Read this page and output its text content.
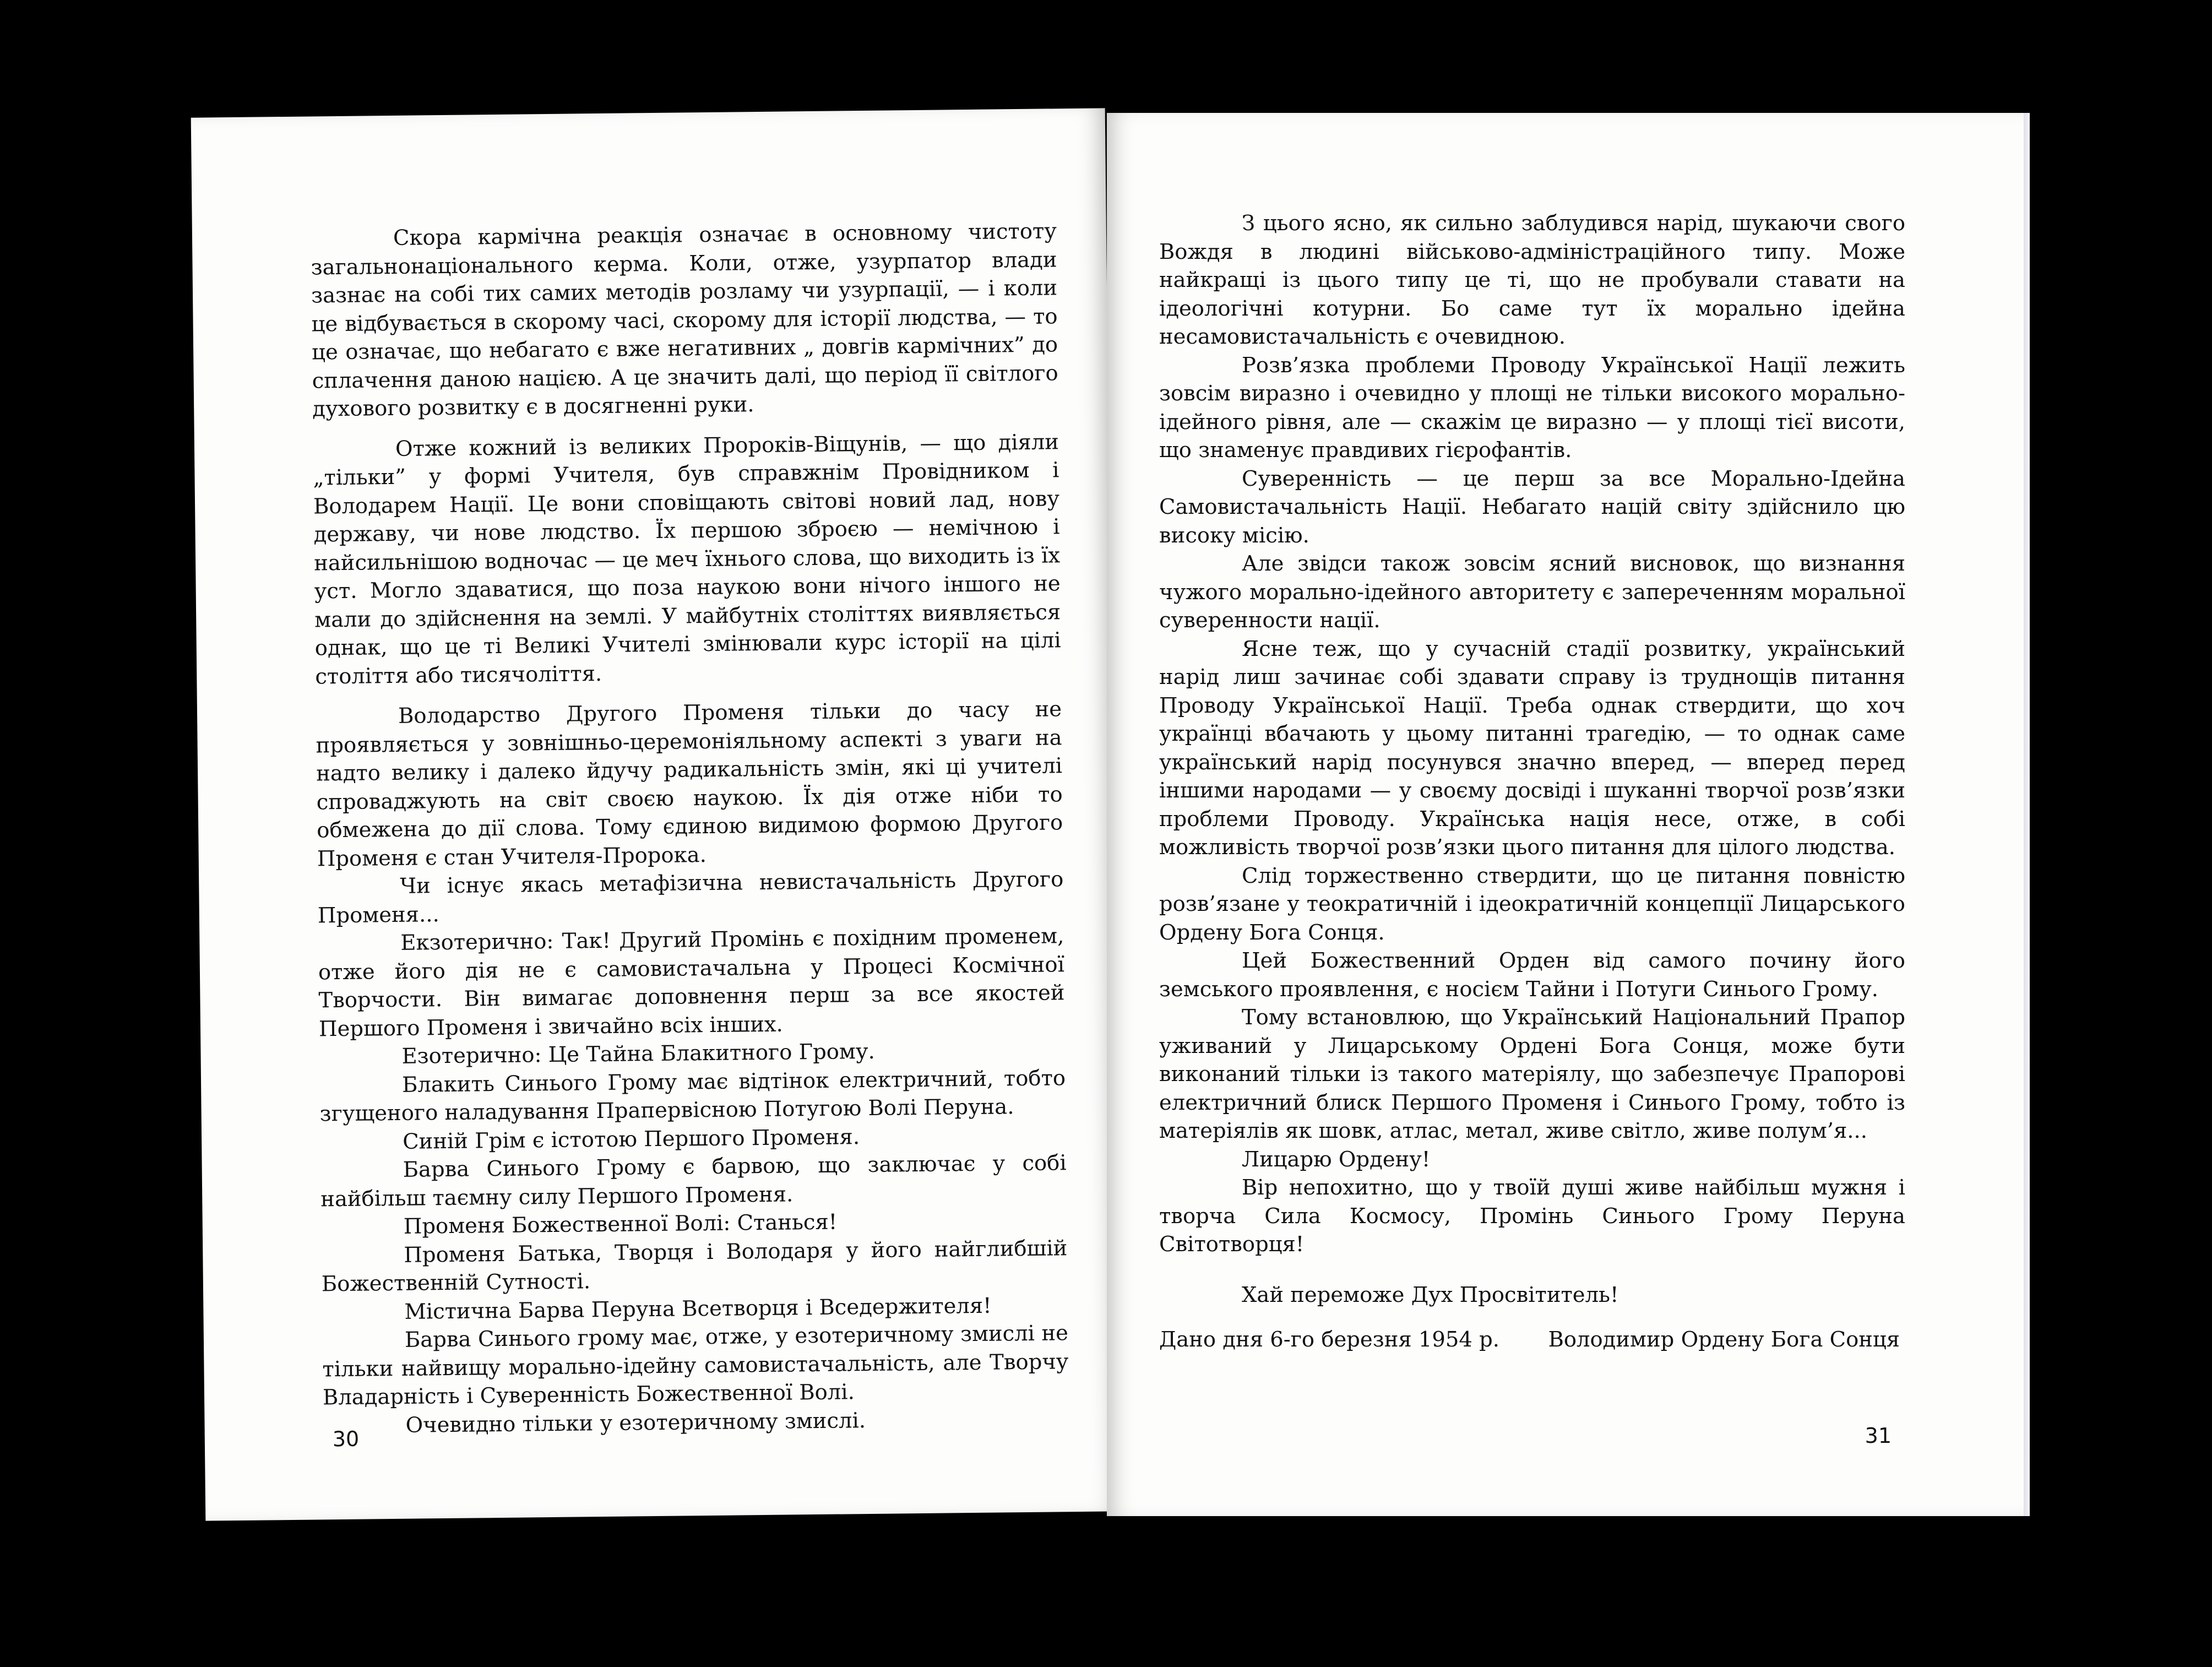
Скора кармічна реакція означає в основному чистоту загальнонаціонального керма. Коли, отже, узурпатор влади зазнає на собі тих самих методів розламу чи узурпації, — і коли це відбувається в скорому часі, скорому для історії людства, — то це означає, що небагато є вже негативних „ довгів кармічних” до сплачення даною нацією. А це значить далі, що період її світлого духового розвитку є в досягненні руки.

Отже кожний із великих Пророків-Віщунів, — що діяли „тільки” у формі Учителя, був справжнім Провідником і Володарем Нації. Це вони сповіщають світові новий лад, нову державу, чи нове людство. Їх першою зброєю — немічною і найсильнішою водночас — це меч їхнього слова, що виходить із їх уст. Могло здаватися, що поза наукою вони нічого іншого не мали до здійснення на землі. У майбутніх століттях виявляється однак, що це ті Великі Учителі змінювали курс історії на цілі століття або тисячоліття.

Володарство Другого Променя тільки до часу не проявляється у зовнішньо-церемоніяльному аспекті з уваги на надто велику і далеко йдучу радикальність змін, які ці учителі спроваджують на світ своєю наукою. Їх дія отже ніби то обмежена до дії слова. Тому єдиною видимою формою Другого Променя є стан Учителя-Пророка.

Чи існує якась метафізична невистачальність Другого Променя...

Екзотерично: Так! Другий Промінь є похідним променем, отже його дія не є самовистачальна у Процесі Космічної Творчости. Він вимагає доповнення перш за все якостей Першого Променя і звичайно всіх інших.

Езотерично: Це Тайна Блакитного Грому.

Блакить Синього Грому має відтінок електричний, тобто згущеного наладування Прапервісною Потугою Волі Перуна.

Синій Грім є істотою Першого Променя.

Барва Синього Грому є барвою, що заключає у собі найбільш таємну силу Першого Променя.

Променя Божественної Волі: Станься!

Променя Батька, Творця і Володаря у його найглибшій Божественній Сутності.

Містична Барва Перуна Всетворця і Вседержителя!

Барва Синього грому має, отже, у езотеричному змислі не тільки найвищу морально-ідейну самовистачальність, але Творчу Владарність і Суверенність Божественної Волі.

Очевидно тільки у езотеричному змислі.

30

З цього ясно, як сильно заблудився нарід, шукаючи свого Вождя в людині військово-адміністраційного типу. Може найкращі із цього типу це ті, що не пробували ставати на ідеологічні котурни. Бо саме тут їх морально ідейна несамовистачальність є очевидною.

Розв’язка проблеми Проводу Української Нації лежить зовсім виразно і очевидно у площі не тільки високого морально-ідейного рівня, але — скажім це виразно — у площі тієї висоти, що знаменує правдивих гієрофантів.

Суверенність — це перш за все Морально-Ідейна Самовистачальність Нації. Небагато націй світу здійснило цю високу місію.

Але звідси також зовсім ясний висновок, що визнання чужого морально-ідейного авторитету є запереченням моральної суверенности нації.

Ясне теж, що у сучасній стадії розвитку, український нарід лиш зачинає собі здавати справу із труднощів питання Проводу Української Нації. Треба однак ствердити, що хоч українці вбачають у цьому питанні трагедію, — то однак саме український нарід посунувся значно вперед, — вперед перед іншими народами — у своєму досвіді і шуканні творчої розв’язки проблеми Проводу. Українська нація несе, отже, в собі можливість творчої розв’язки цього питання для цілого людства.

Слід торжественно ствердити, що це питання повністю розв’язане у теократичній і ідеократичній концепції Лицарського Ордену Бога Сонця.

Цей Божественний Орден від самого почину його земського проявлення, є носієм Тайни і Потуги Синього Грому.

Тому встановлюю, що Український Національний Прапор уживаний у Лицарському Ордені Бога Сонця, може бути виконаний тільки із такого матеріялу, що забезпечує Прапорові електричний блиск Першого Променя і Синього Грому, тобто із матеріялів як шовк, атлас, метал, живе світло, живе полум’я...

Лицарю Ордену!

Вір непохитно, що у твоїй душі живе найбільш мужня і творча Сила Космосу, Промінь Синього Грому Перуна Світотворця!

Хай переможе Дух Просвітитель!

Дано дня 6-го березня 1954 р. Володимир Ордену Бога Сонця
31
